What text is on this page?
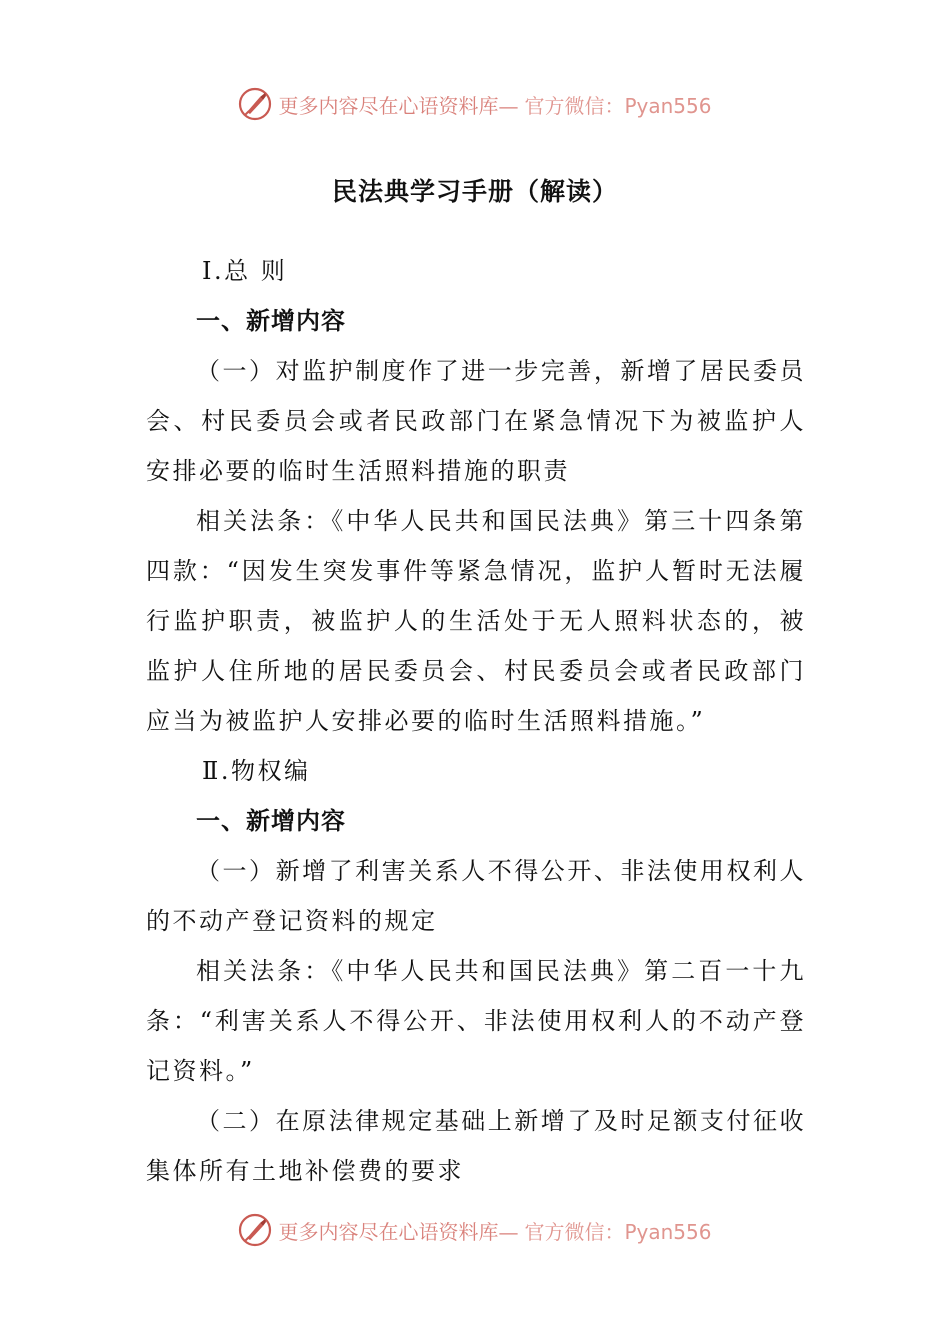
更多内容尽在心语资料库— 官方微信：Pyan556
民法典学习手册（解读）

Ⅰ.总 则

一、新增内容

（一）对监护制度作了进一步完善，新增了居民委员会、村民委员会或者民政部门在紧急情况下为被监护人安排必要的临时生活照料措施的职责

相关法条：《中华人民共和国民法典》第三十四条第四款：“因发生突发事件等紧急情况，监护人暂时无法履行监护职责，被监护人的生活处于无人照料状态的，被监护人住所地的居民委员会、村民委员会或者民政部门应当为被监护人安排必要的临时生活照料措施。”

Ⅱ.物权编

一、新增内容

（一）新增了利害关系人不得公开、非法使用权利人的不动产登记资料的规定

相关法条：《中华人民共和国民法典》第二百一十九条：“利害关系人不得公开、非法使用权利人的不动产登记资料。”

（二）在原法律规定基础上新增了及时足额支付征收集体所有土地补偿费的要求

更多内容尽在心语资料库— 官方微信：Pyan556
